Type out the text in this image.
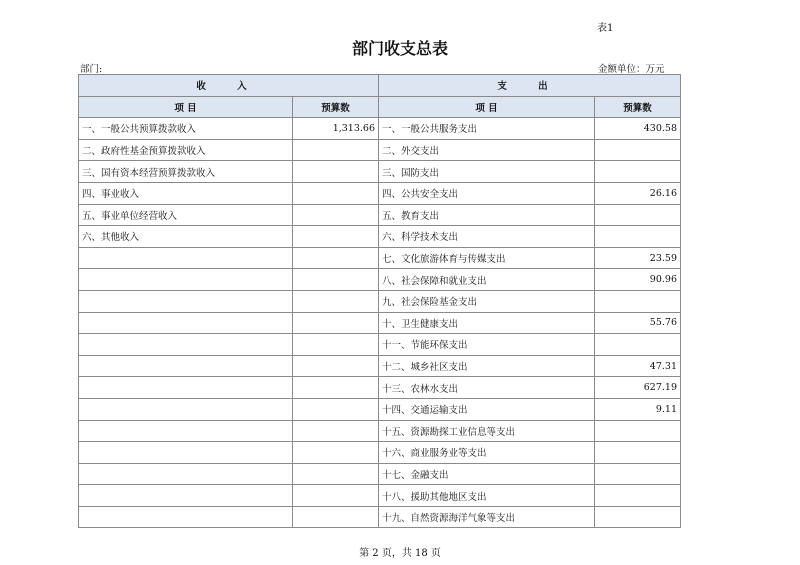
表1
部门收支总表
部门:	金额单位：万元
收 入		支 出	
项 目	预算数	项 目	预算数
一、一般公共预算拨款收入	1,313.66	一、一般公共服务支出	430.58
二、政府性基金预算拨款收入		二、外交支出	
三、国有资本经营预算拨款收入		三、国防支出	
四、事业收入		四、公共安全支出	26.16
五、事业单位经营收入		五、教育支出	
六、其他收入		六、科学技术支出	
		七、文化旅游体育与传媒支出	23.59
		八、社会保障和就业支出	90.96
		九、社会保险基金支出	
		十、卫生健康支出	55.76
		十一、节能环保支出	
		十二、城乡社区支出	47.31
		十三、农林水支出	627.19
		十四、交通运输支出	9.11
		十五、资源勘探工业信息等支出	
		十六、商业服务业等支出	
		十七、金融支出	
		十八、援助其他地区支出	
		十九、自然资源海洋气象等支出	
第 2 页，共 18 页
